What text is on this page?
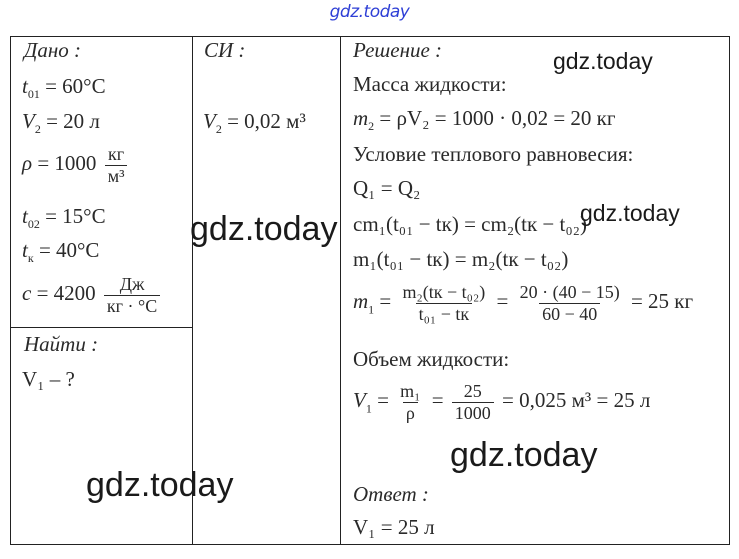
gdz.today
Дано :
$t_{01} = 60^\circ C$
$V_2 = 20$ л
$\rho = 1000 \frac{кг}{\text{м³}}$
$t_{02} = 15^\circ C$
$t_к = 40^\circ C$
$c = 4200 \frac{Дж}{кг \cdot ^\circ С}$
Найти :
V₁ – ?
СИ :
$V_2 = 0,02$ м³
Решение :
Масса жидкости:
$m_2 = \rho V_2 = 1000 \cdot 0,02 = 20$ кг
Условие теплового равновесия:
Q₁ = Q₂
cm₁(t₀₁ − tк) = cm₂(tк − t₀₂)
m₁(t₀₁ − tк) = m₂(tк − t₀₂)
$m_1 = \frac{\text{m₂(tк − t₀₂)}}{\text{t₀₁ − tк}} = \frac{20 \cdot (40 - 15)}{60 - 40} = 25$ кг
Объем жидкости:
$V_1 = \frac{\text{m₁}}{\rho} = \frac{25}{1000} = 0,025$ м³ = 25 л
Ответ :
V₁ = 25 л
gdz.today
gdz.today	gdz.today
gdz.today
gdz.today
